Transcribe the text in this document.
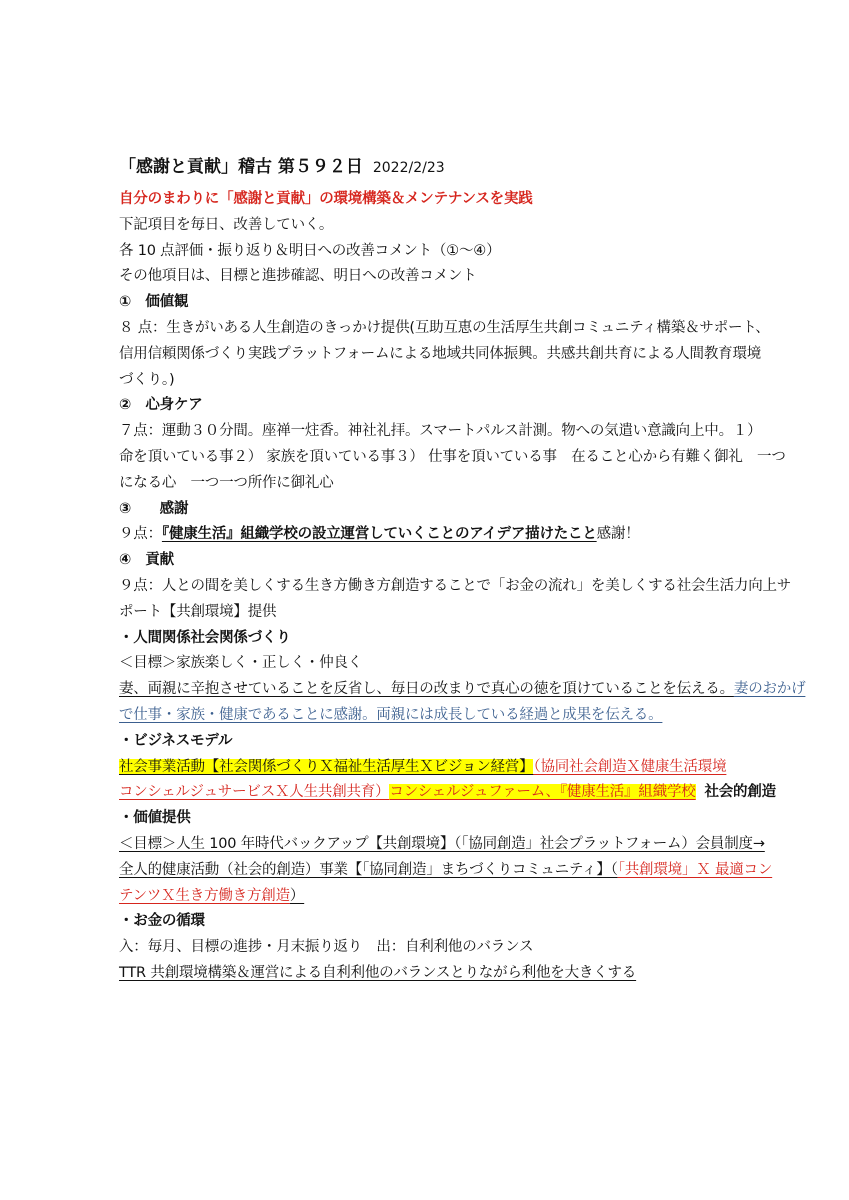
「感謝と貢献」稽古 第５９２日 2022/2/23
自分のまわりに「感謝と貢献」の環境構築＆メンテナンスを実践
下記項目を毎日、改善していく。
各 10 点評価・振り返り＆明日への改善コメント（①～④）
その他項目は、目標と進捗確認、明日への改善コメント
①　価値観
８ 点：生きがいある人生創造のきっかけ提供(互助互恵の生活厚生共創コミュニティ構築＆サポート、
信用信頼関係づくり実践プラットフォームによる地域共同体振興。共感共創共育による人間教育環境
づくり。)
②　心身ケア
７点：運動３０分間。座禅一炷香。神社礼拝。スマートパルス計測。物への気遣い意識向上中。１）
命を頂いている事２） 家族を頂いている事３） 仕事を頂いている事　在ること心から有難く御礼　一つ
になる心　一つ一つ所作に御礼心
③　　感謝
９点：『健康生活』組織学校の設立運営していくことのアイデア描けたこと感謝！
④　貢献
９点：人との間を美しくする生き方働き方創造することで「お金の流れ」を美しくする社会生活力向上サ
ポート【共創環境】提供
・人間関係社会関係づくり
＜目標＞家族楽しく・正しく・仲良く
妻、両親に辛抱させていることを反省し、毎日の改まりで真心の徳を頂けていることを伝える。妻のおかげ
で仕事・家族・健康であることに感謝。両親には成長している経過と成果を伝える。
・ビジネスモデル
社会事業活動【社会関係づくりＸ福祉生活厚生Ｘビジョン経営】（協同社会創造Ｘ健康生活環境
コンシェルジュサービスＸ人生共創共育）コンシェルジュファーム、『健康生活』組織学校 社会的創造
・価値提供
＜目標＞人生 100 年時代バックアップ【共創環境】（「協同創造」社会プラットフォーム）会員制度→
全人的健康活動（社会的創造）事業【「協同創造」まちづくりコミュニティ】（「共創環境」Ｘ 最適コン
テンツＸ生き方働き方創造）
・お金の循環
入：毎月、目標の進捗・月末振り返り　出：自利利他のバランス
TTR 共創環境構築＆運営による自利利他のバランスとりながら利他を大きくする
